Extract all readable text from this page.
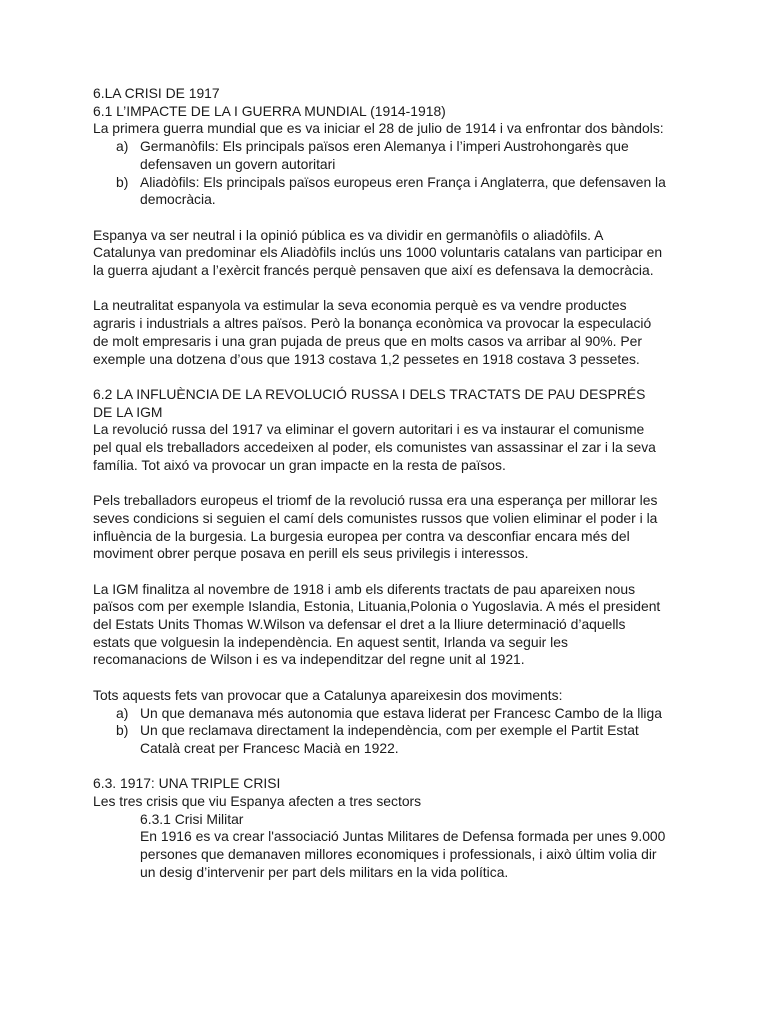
6.LA CRISI DE 1917

6.1 L’IMPACTE DE LA I GUERRA MUNDIAL (1914-1918)

La primera guerra mundial que es va iniciar el 28 de julio de 1914 i va enfrontar dos bàndols:

a) Germanòfils: Els principals països eren Alemanya i l’imperi Austrohongarès que
defensaven un govern autoritari
b) Aliadòfils: Els principals països europeus eren França i Anglaterra, que defensaven la
democràcia.

Espanya va ser neutral i la opinió pública es va dividir en germanòfils o aliadòfils. A

Catalunya van predominar els Aliadòfils inclús uns 1000 voluntaris catalans van participar en

la guerra ajudant a l’exèrcit francés perquè pensaven que així es defensava la democràcia.

La neutralitat espanyola va estimular la seva economia perquè es va vendre productes

agraris i industrials a altres països. Però la bonança econòmica va provocar la especulació

de molt empresaris i una gran pujada de preus que en molts casos va arribar al 90%. Per

exemple una dotzena d’ous que 1913 costava 1,2 pessetes en 1918 costava 3 pessetes.

6.2 LA INFLUÈNCIA DE LA REVOLUCIÓ RUSSA I DELS TRACTATS DE PAU DESPRÉS

DE LA IGM

La revolució russa del 1917 va eliminar el govern autoritari i es va instaurar el comunisme

pel qual els treballadors accedeixen al poder, els comunistes van assassinar el zar i la seva

família. Tot aixó va provocar un gran impacte en la resta de països.

Pels treballadors europeus el triomf de la revolució russa era una esperança per millorar les

seves condicions si seguien el camí dels comunistes russos que volien eliminar el poder i la

influència de la burgesia. La burgesia europea per contra va desconfiar encara més del

moviment obrer perque posava en perill els seus privilegis i interessos.

La IGM finalitza al novembre de 1918 i amb els diferents tractats de pau apareixen nous

països com per exemple Islandia, Estonia, Lituania,Polonia o Yugoslavia. A més el president

del Estats Units Thomas W.Wilson va defensar el dret a la lliure determinació d’aquells

estats que volguesin la independència. En aquest sentit, Irlanda va seguir les

recomanacions de Wilson i es va independitzar del regne unit al 1921.

Tots aquests fets van provocar que a Catalunya apareixesin dos moviments:

a) Un que demanava més autonomia que estava liderat per Francesc Cambo de la lliga
b) Un que reclamava directament la independència, com per exemple el Partit Estat
Català creat per Francesc Macià en 1922.

6.3. 1917: UNA TRIPLE CRISI

Les tres crisis que viu Espanya afecten a tres sectors

6.3.1 Crisi Militar

En 1916 es va crear l'associació Juntas Militares de Defensa formada per unes 9.000

persones que demanaven millores economiques i professionals, i això últim volia dir

un desig d’intervenir per part dels militars en la vida política.
